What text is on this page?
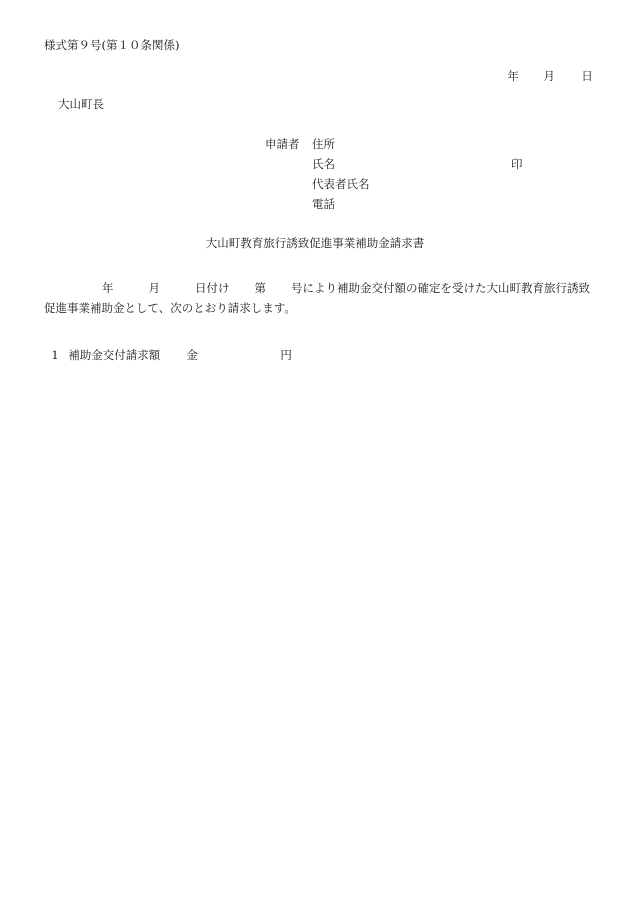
様式第９号(第１０条関係)

年 月 日

大山町長
申請者 住所
氏名	印
代表者氏名
電話
大山町教育旅行誘致促進事業補助金請求書
年	月	日付け 第 号により補助金交付額の確定を受けた大山町教育旅行誘致促進事業補助金として、次のとおり請求します。

1 補助金交付請求額 金	円
